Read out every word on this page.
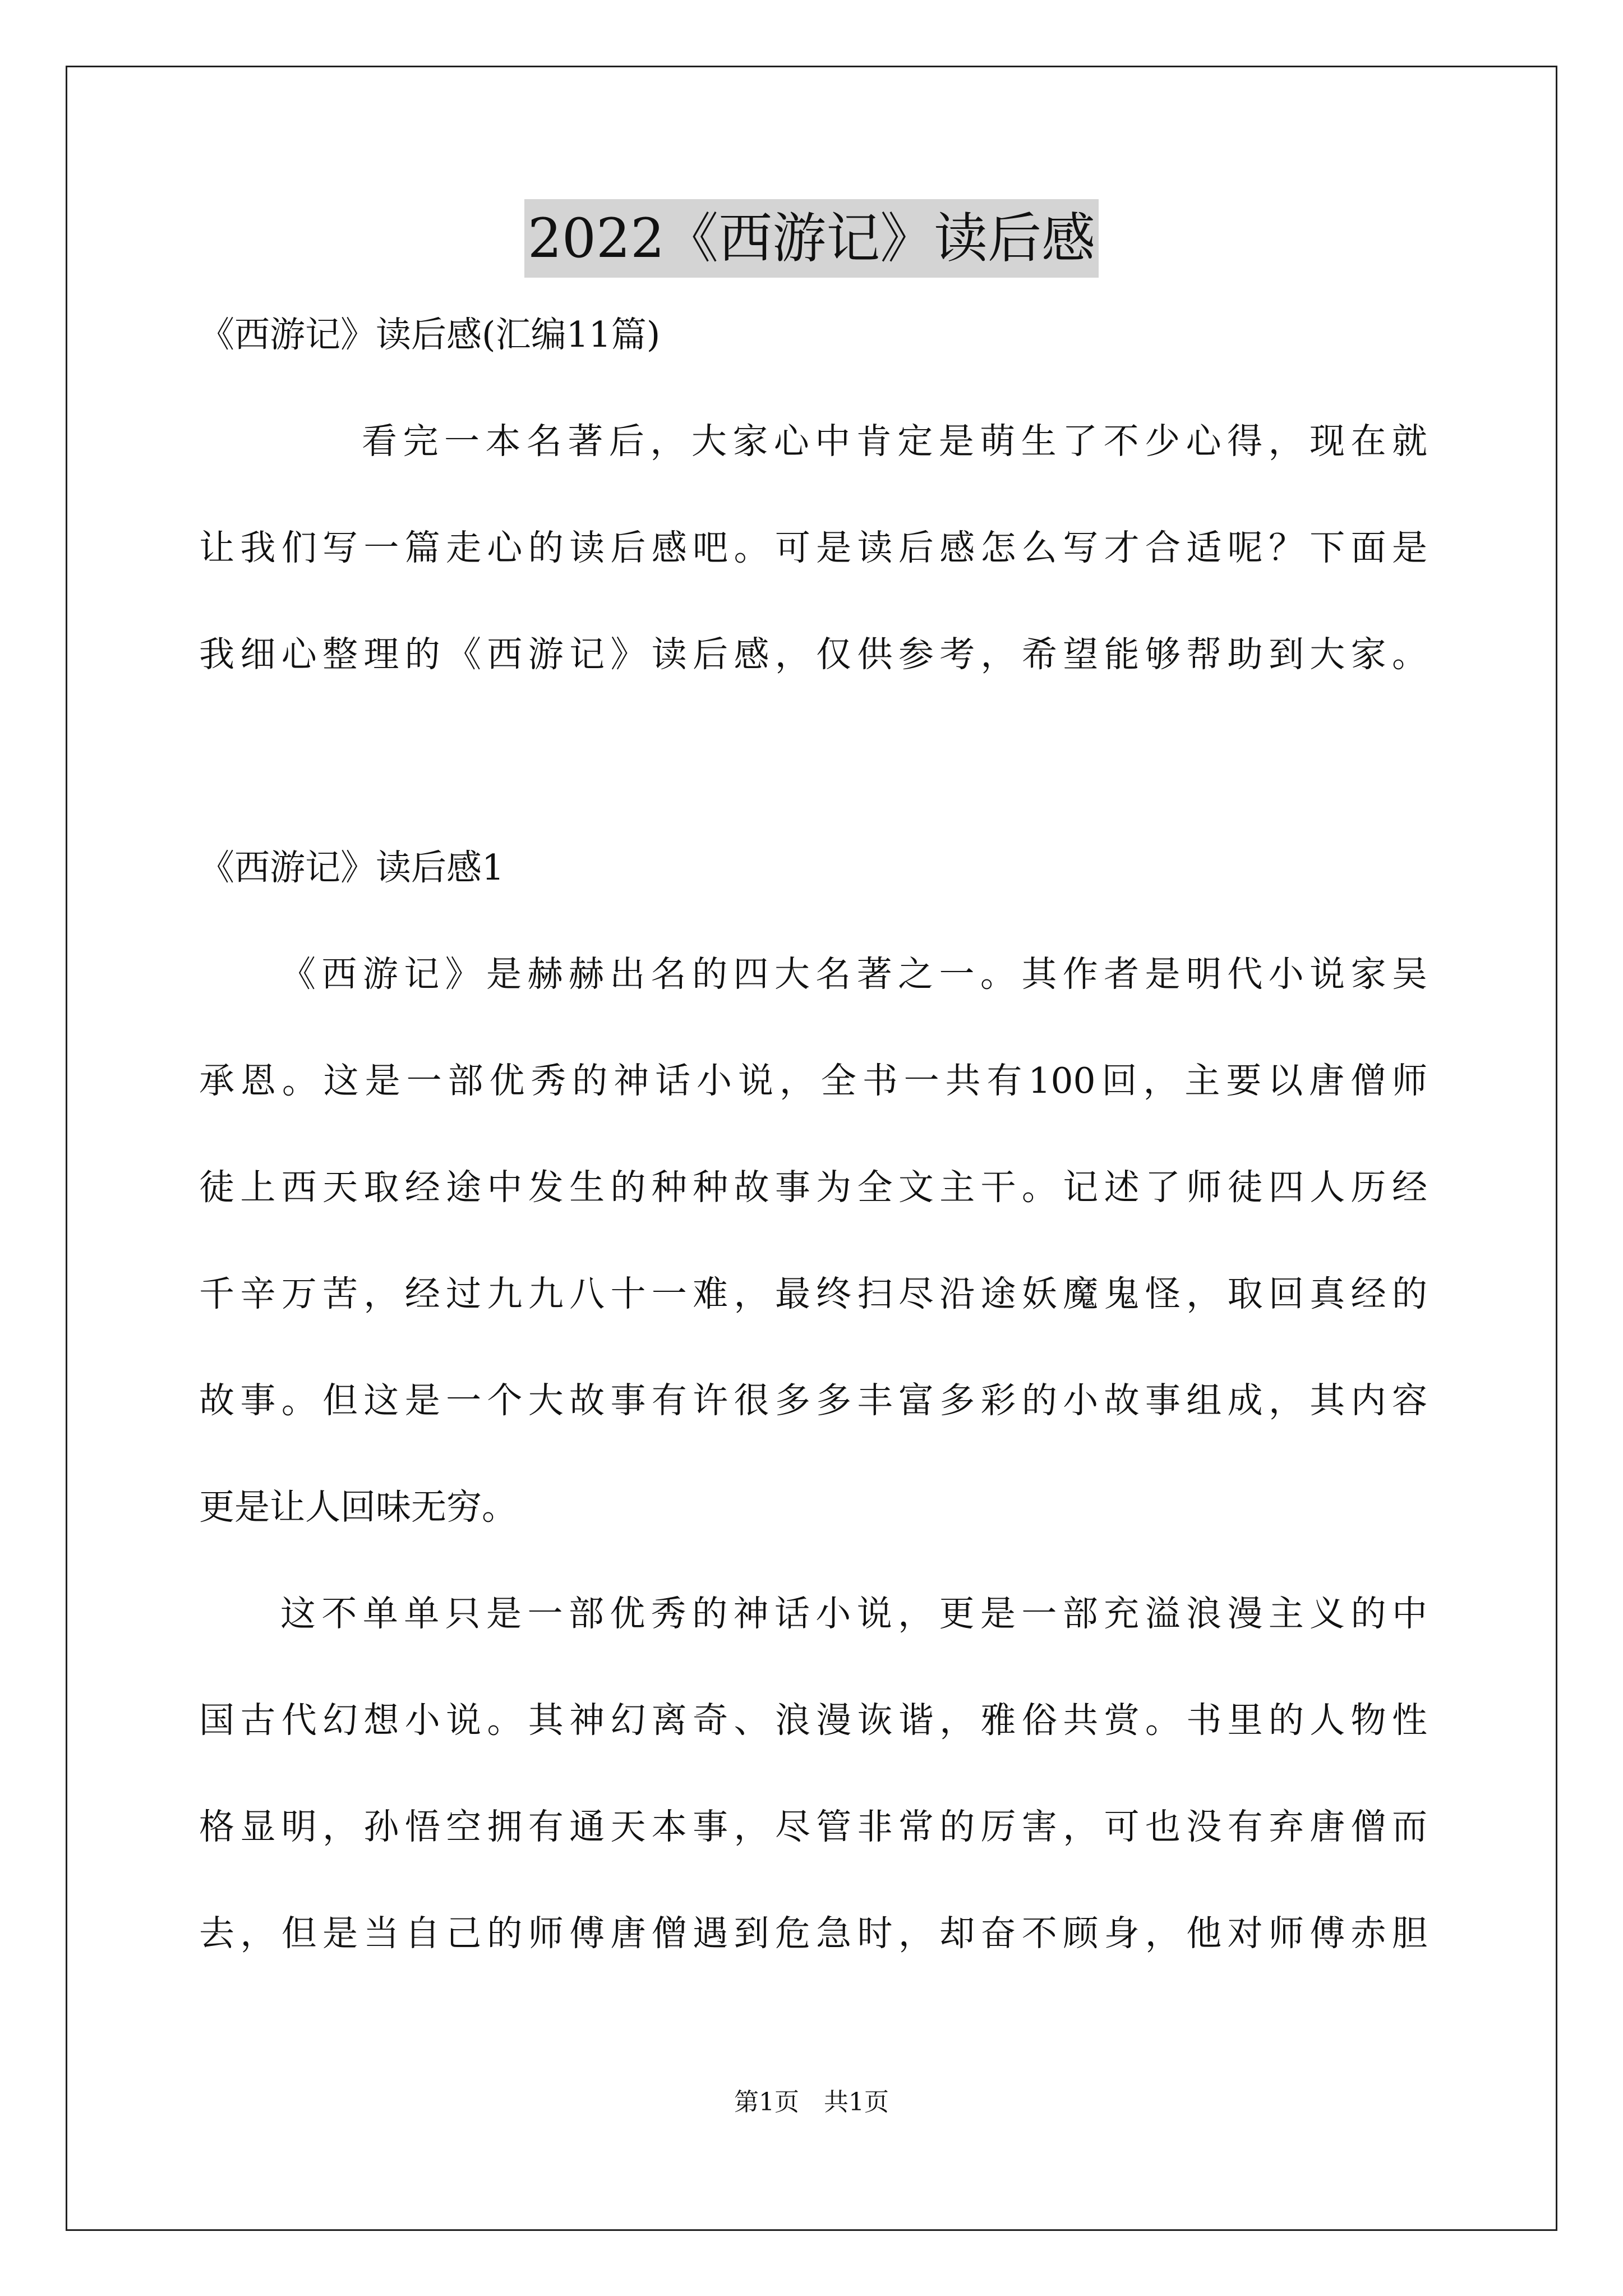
2022《西游记》读后感
《西游记》读后感(汇编11篇)
看完一本名著后，大家心中肯定是萌生了不少心得，现在就
让我们写一篇走心的读后感吧。可是读后感怎么写才合适呢？下面是
我细心整理的《西游记》读后感，仅供参考，希望能够帮助到大家。
《西游记》读后感1
《西游记》是赫赫出名的四大名著之一。其作者是明代小说家吴
承恩。这是一部优秀的神话小说，全书一共有100回，主要以唐僧师
徒上西天取经途中发生的种种故事为全文主干。记述了师徒四人历经
千辛万苦，经过九九八十一难，最终扫尽沿途妖魔鬼怪，取回真经的
故事。但这是一个大故事有许很多多丰富多彩的小故事组成，其内容
更是让人回味无穷。
这不单单只是一部优秀的神话小说，更是一部充溢浪漫主义的中
国古代幻想小说。其神幻离奇、浪漫诙谐，雅俗共赏。书里的人物性
格显明，孙悟空拥有通天本事，尽管非常的厉害，可也没有弃唐僧而
去，但是当自己的师傅唐僧遇到危急时，却奋不顾身，他对师傅赤胆
第1页 共1页
